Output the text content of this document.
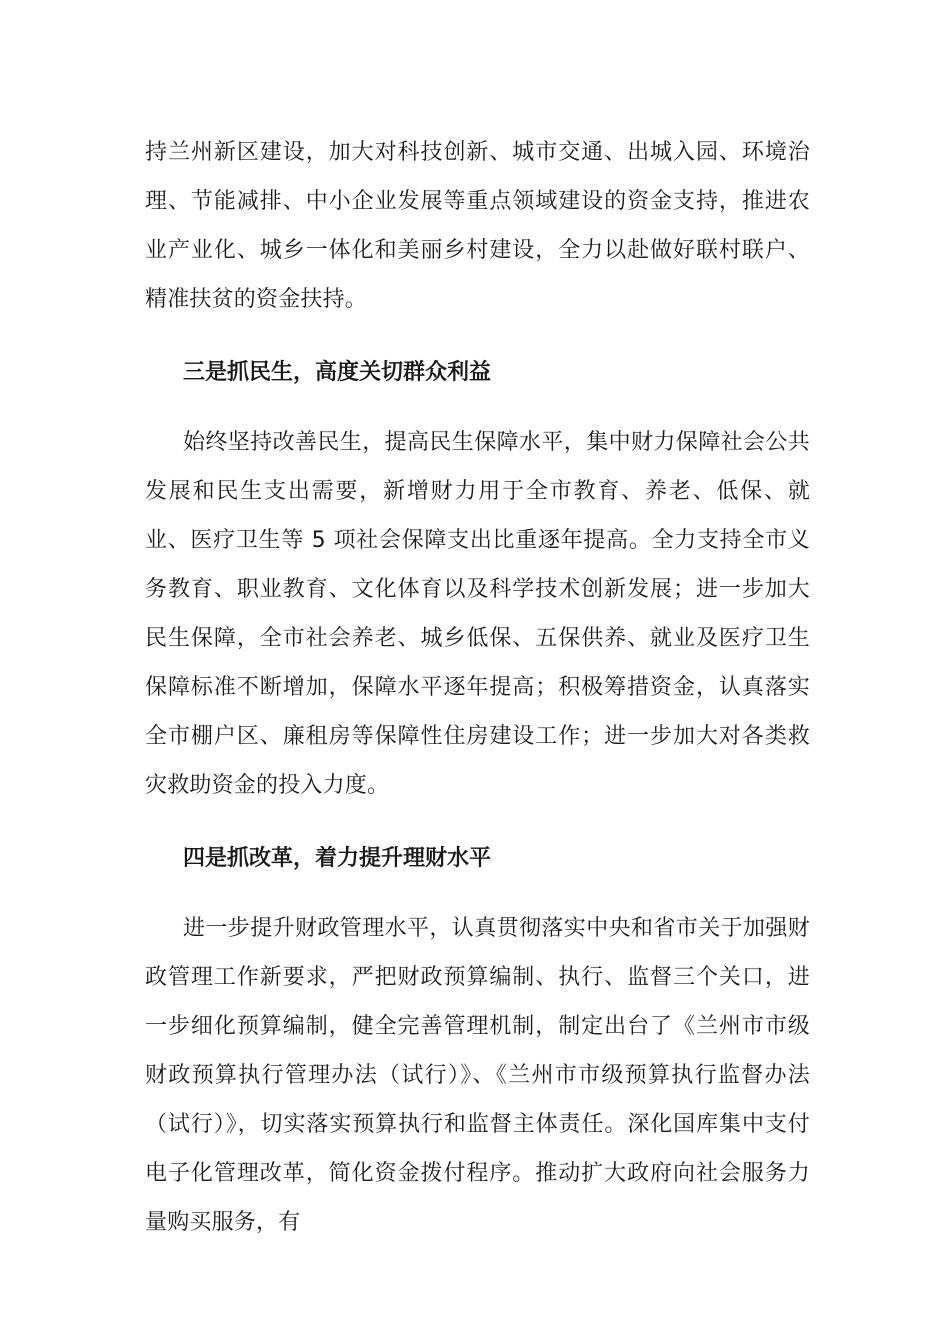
持兰州新区建设，加大对科技创新、城市交通、出城入园、环境治理、节能减排、中小企业发展等重点领域建设的资金支持，推进农业产业化、城乡一体化和美丽乡村建设，全力以赴做好联村联户、精准扶贫的资金扶持。

三是抓民生，高度关切群众利益

始终坚持改善民生，提高民生保障水平，集中财力保障社会公共发展和民生支出需要，新增财力用于全市教育、养老、低保、就业、医疗卫生等 5 项社会保障支出比重逐年提高。全力支持全市义务教育、职业教育、文化体育以及科学技术创新发展；进一步加大民生保障，全市社会养老、城乡低保、五保供养、就业及医疗卫生保障标准不断增加，保障水平逐年提高；积极筹措资金，认真落实全市棚户区、廉租房等保障性住房建设工作；进一步加大对各类救灾救助资金的投入力度。

四是抓改革，着力提升理财水平

进一步提升财政管理水平，认真贯彻落实中央和省市关于加强财政管理工作新要求，严把财政预算编制、执行、监督三个关口，进一步细化预算编制，健全完善管理机制，制定出台了《兰州市市级财政预算执行管理办法（试行）》、《兰州市市级预算执行监督办法（试行）》，切实落实预算执行和监督主体责任。深化国库集中支付电子化管理改革，简化资金拨付程序。推动扩大政府向社会服务力量购买服务，有
